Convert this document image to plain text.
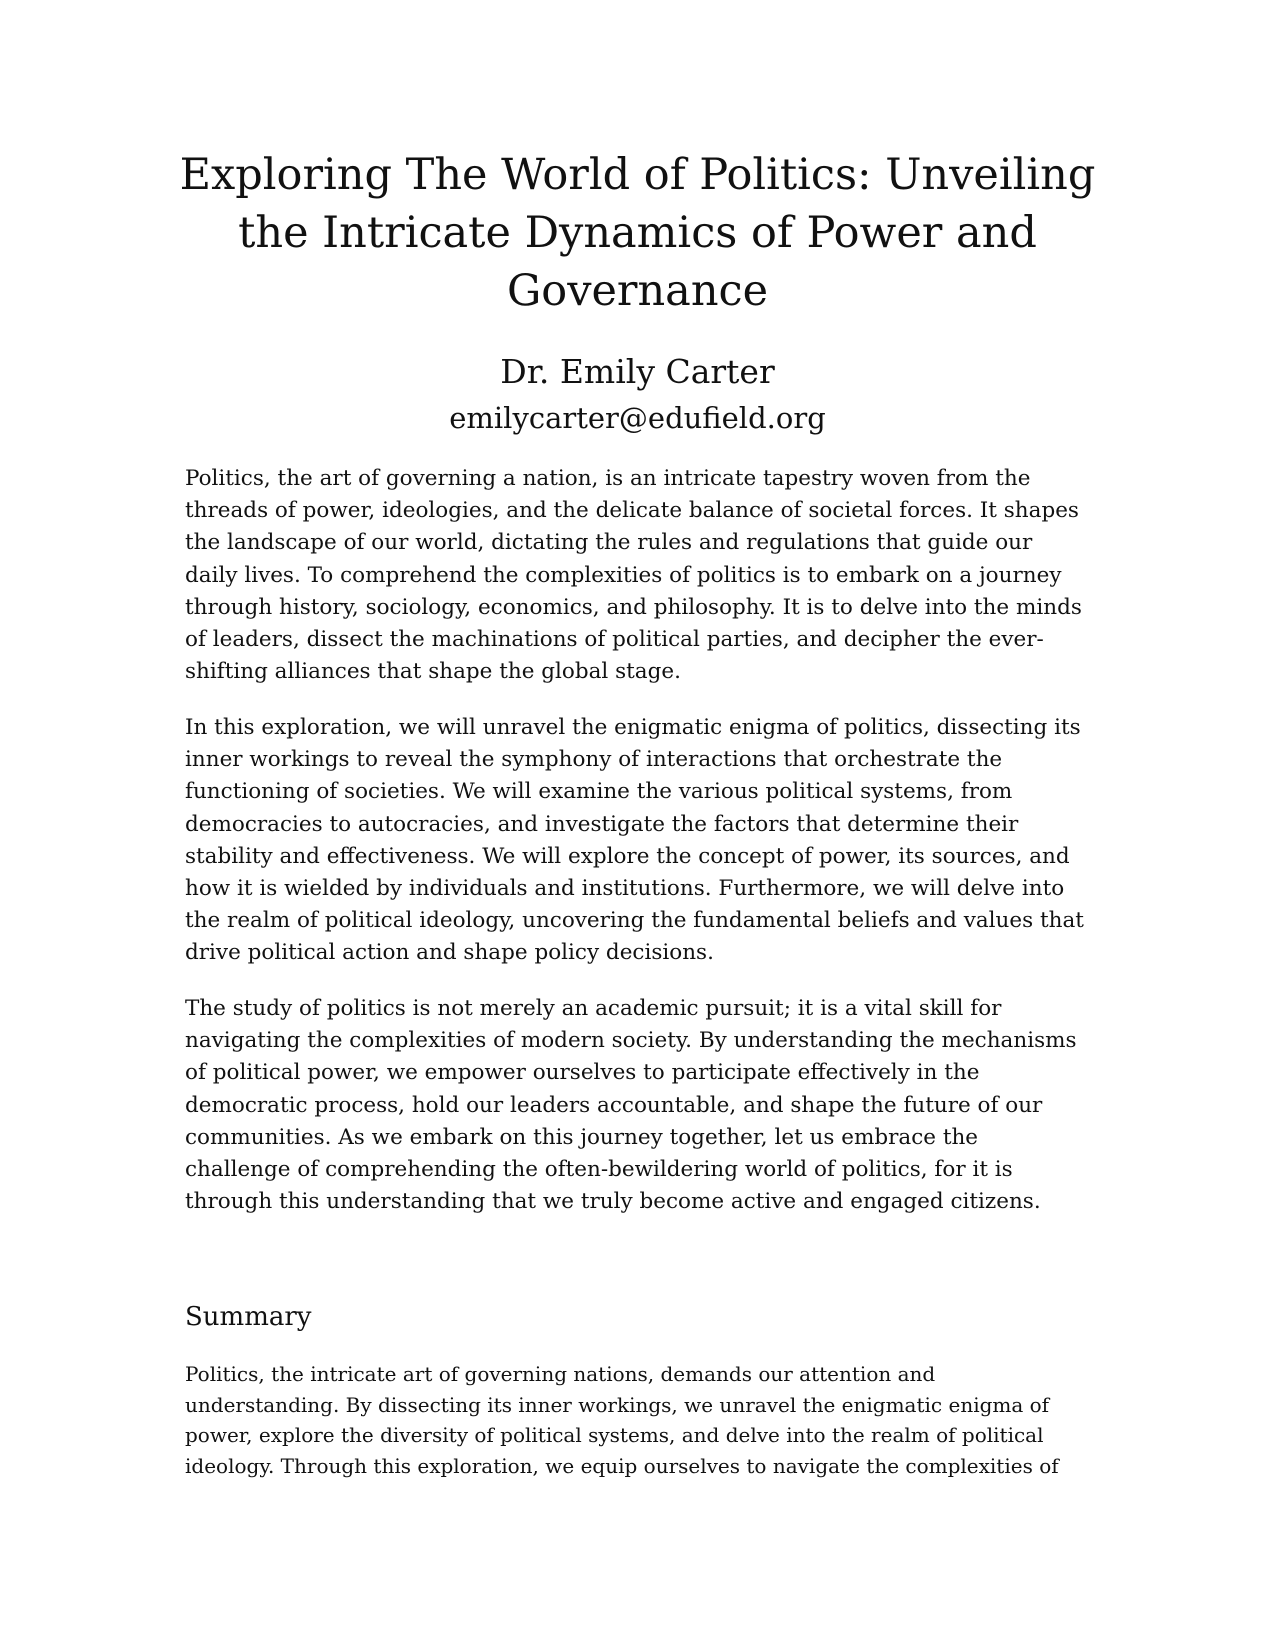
Exploring The World of Politics: Unveiling the Intricate Dynamics of Power and Governance

Dr. Emily Carter

emilycarter@edufield.org

Politics, the art of governing a nation, is an intricate tapestry woven from the threads of power, ideologies, and the delicate balance of societal forces. It shapes the landscape of our world, dictating the rules and regulations that guide our daily lives. To comprehend the complexities of politics is to embark on a journey through history, sociology, economics, and philosophy. It is to delve into the minds of leaders, dissect the machinations of political parties, and decipher the ever-shifting alliances that shape the global stage.

In this exploration, we will unravel the enigmatic enigma of politics, dissecting its inner workings to reveal the symphony of interactions that orchestrate the functioning of societies. We will examine the various political systems, from democracies to autocracies, and investigate the factors that determine their stability and effectiveness. We will explore the concept of power, its sources, and how it is wielded by individuals and institutions. Furthermore, we will delve into the realm of political ideology, uncovering the fundamental beliefs and values that drive political action and shape policy decisions.

The study of politics is not merely an academic pursuit; it is a vital skill for navigating the complexities of modern society. By understanding the mechanisms of political power, we empower ourselves to participate effectively in the democratic process, hold our leaders accountable, and shape the future of our communities. As we embark on this journey together, let us embrace the challenge of comprehending the often-bewildering world of politics, for it is through this understanding that we truly become active and engaged citizens.

Summary

Politics, the intricate art of governing nations, demands our attention and understanding. By dissecting its inner workings, we unravel the enigmatic enigma of power, explore the diversity of political systems, and delve into the realm of political ideology. Through this exploration, we equip ourselves to navigate the complexities of
